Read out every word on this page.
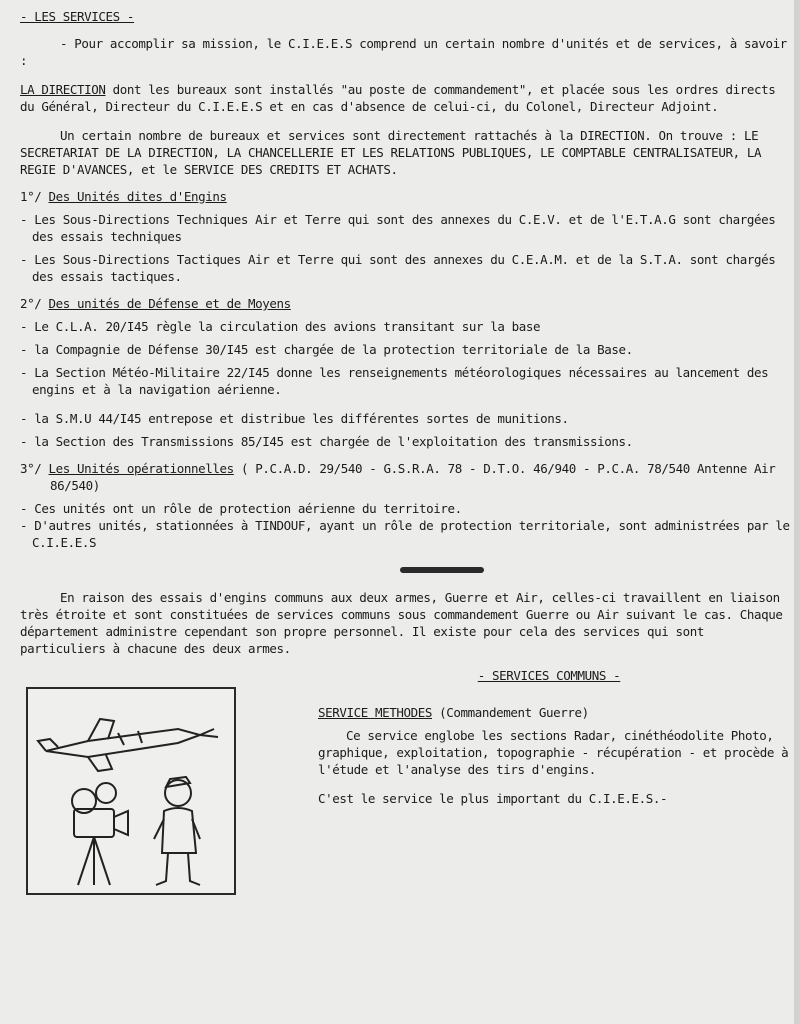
- LES SERVICES -

- Pour accomplir sa mission, le C.I.E.E.S comprend un certain nombre d'unités et de services, à savoir :

LA DIRECTION dont les bureaux sont installés "au poste de commandement", et placée sous les ordres directs du Général, Directeur du C.I.E.E.S et en cas d'absence de celui-ci, du Colonel, Directeur Adjoint.

Un certain nombre de bureaux et services sont directement rattachés à la DIRECTION. On trouve : LE SECRETARIAT DE LA DIRECTION, LA CHANCELLERIE ET LES RELATIONS PUBLIQUES, LE COMPTABLE CENTRALISATEUR, LA REGIE D'AVANCES, et le SERVICE DES CREDITS ET ACHATS.

1°/ Des Unités dites d'Engins

- Les Sous-Directions Techniques Air et Terre qui sont des annexes du C.E.V. et de l'E.T.A.G sont chargées des essais techniques

- Les Sous-Directions Tactiques Air et Terre qui sont des annexes du C.E.A.M. et de la S.T.A. sont chargés des essais tactiques.

2°/ Des unités de Défense et de Moyens

- Le C.L.A. 20/I45 règle la circulation des avions transitant sur la base

- la Compagnie de Défense 30/I45 est chargée de la protection territoriale de la Base.

- La Section Météo-Militaire 22/I45 donne les renseignements météorologiques nécessaires au lancement des engins et à la navigation aérienne.

- la S.M.U 44/I45 entrepose et distribue les différentes sortes de munitions.

- la Section des Transmissions 85/I45 est chargée de l'exploitation des transmissions.

3°/ Les Unités opérationnelles ( P.C.A.D. 29/540 - G.S.R.A. 78 - D.T.O. 46/940 - P.C.A. 78/540 Antenne Air 86/540)

- Ces unités ont un rôle de protection aérienne du territoire.

- D'autres unités, stationnées à TINDOUF, ayant un rôle de protection territoriale, sont administrées par le C.I.E.E.S

En raison des essais d'engins communs aux deux armes, Guerre et Air, celles-ci travaillent en liaison très étroite et sont constituées de services communs sous commandement Guerre ou Air suivant le cas. Chaque département administre cependant son propre personnel. Il existe pour cela des services qui sont particuliers à chacune des deux armes.

- SERVICES COMMUNS -

SERVICE METHODES (Commandement Guerre)

Ce service englobe les sections Radar, cinéthéodolite Photo, graphique, exploitation, topographie - récupération - et procède à l'étude et l'analyse des tirs d'engins.

C'est le service le plus important du C.I.E.E.S.-
